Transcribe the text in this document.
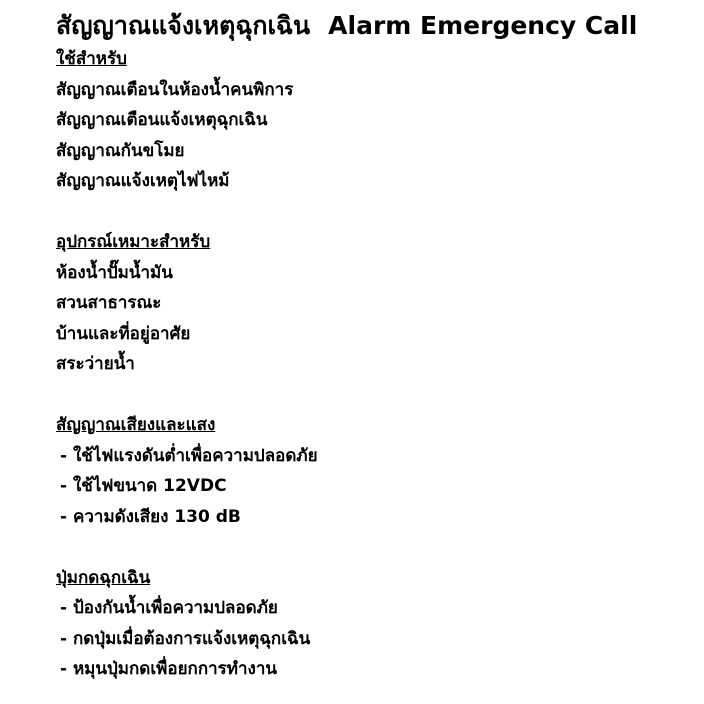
สัญญาณแจ้งเหตุฉุกเฉิน Alarm Emergency Call
ใช้สำหรับ
สัญญาณเตือนในห้องน้ำคนพิการ
สัญญาณเตือนแจ้งเหตุฉุกเฉิน
สัญญาณกันขโมย
สัญญาณแจ้งเหตุไฟไหม้
อุปกรณ์เหมาะสำหรับ
ห้องน้ำปั๊มน้ำมัน
สวนสาธารณะ
บ้านและที่อยู่อาศัย
สระว่ายน้ำ
สัญญาณเสียงและแสง
- ใช้ไฟแรงดันต่ำเพื่อความปลอดภัย
- ใช้ไฟขนาด 12VDC
- ความดังเสียง 130 dB
ปุ่มกดฉุกเฉิน
- ป้องกันน้ำเพื่อความปลอดภัย
- กดปุ่มเมื่อต้องการแจ้งเหตุฉุกเฉิน
- หมุนปุ่มกดเพื่อยกการทำงาน
